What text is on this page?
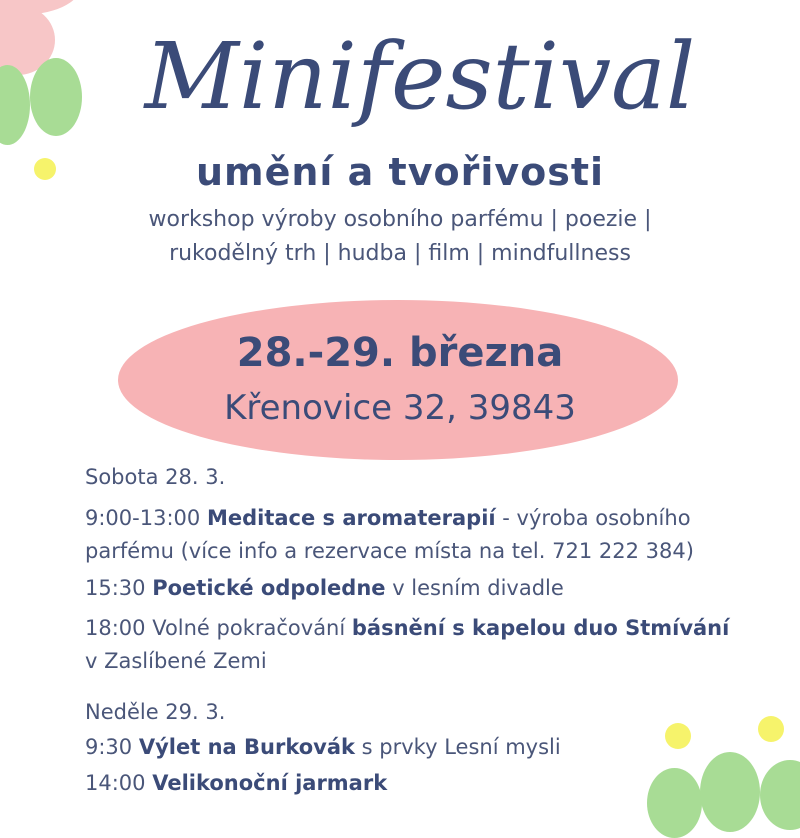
Minifestival
umění a tvořivosti
workshop výroby osobního parfému | poezie |
rukodělný trh | hudba | film | mindfullness
28.-29. března
Křenovice 32, 39843
Sobota 28. 3.
9:00-13:00 Meditace s aromaterapií - výroba osobního
parfému (více info a rezervace místa na tel. 721 222 384)
15:30 Poetické odpoledne v lesním divadle
18:00 Volné pokračování básnění s kapelou duo Stmívání
v Zaslíbené Zemi
Neděle 29. 3.
9:30 Výlet na Burkovák s prvky Lesní mysli
14:00 Velikonoční jarmark
